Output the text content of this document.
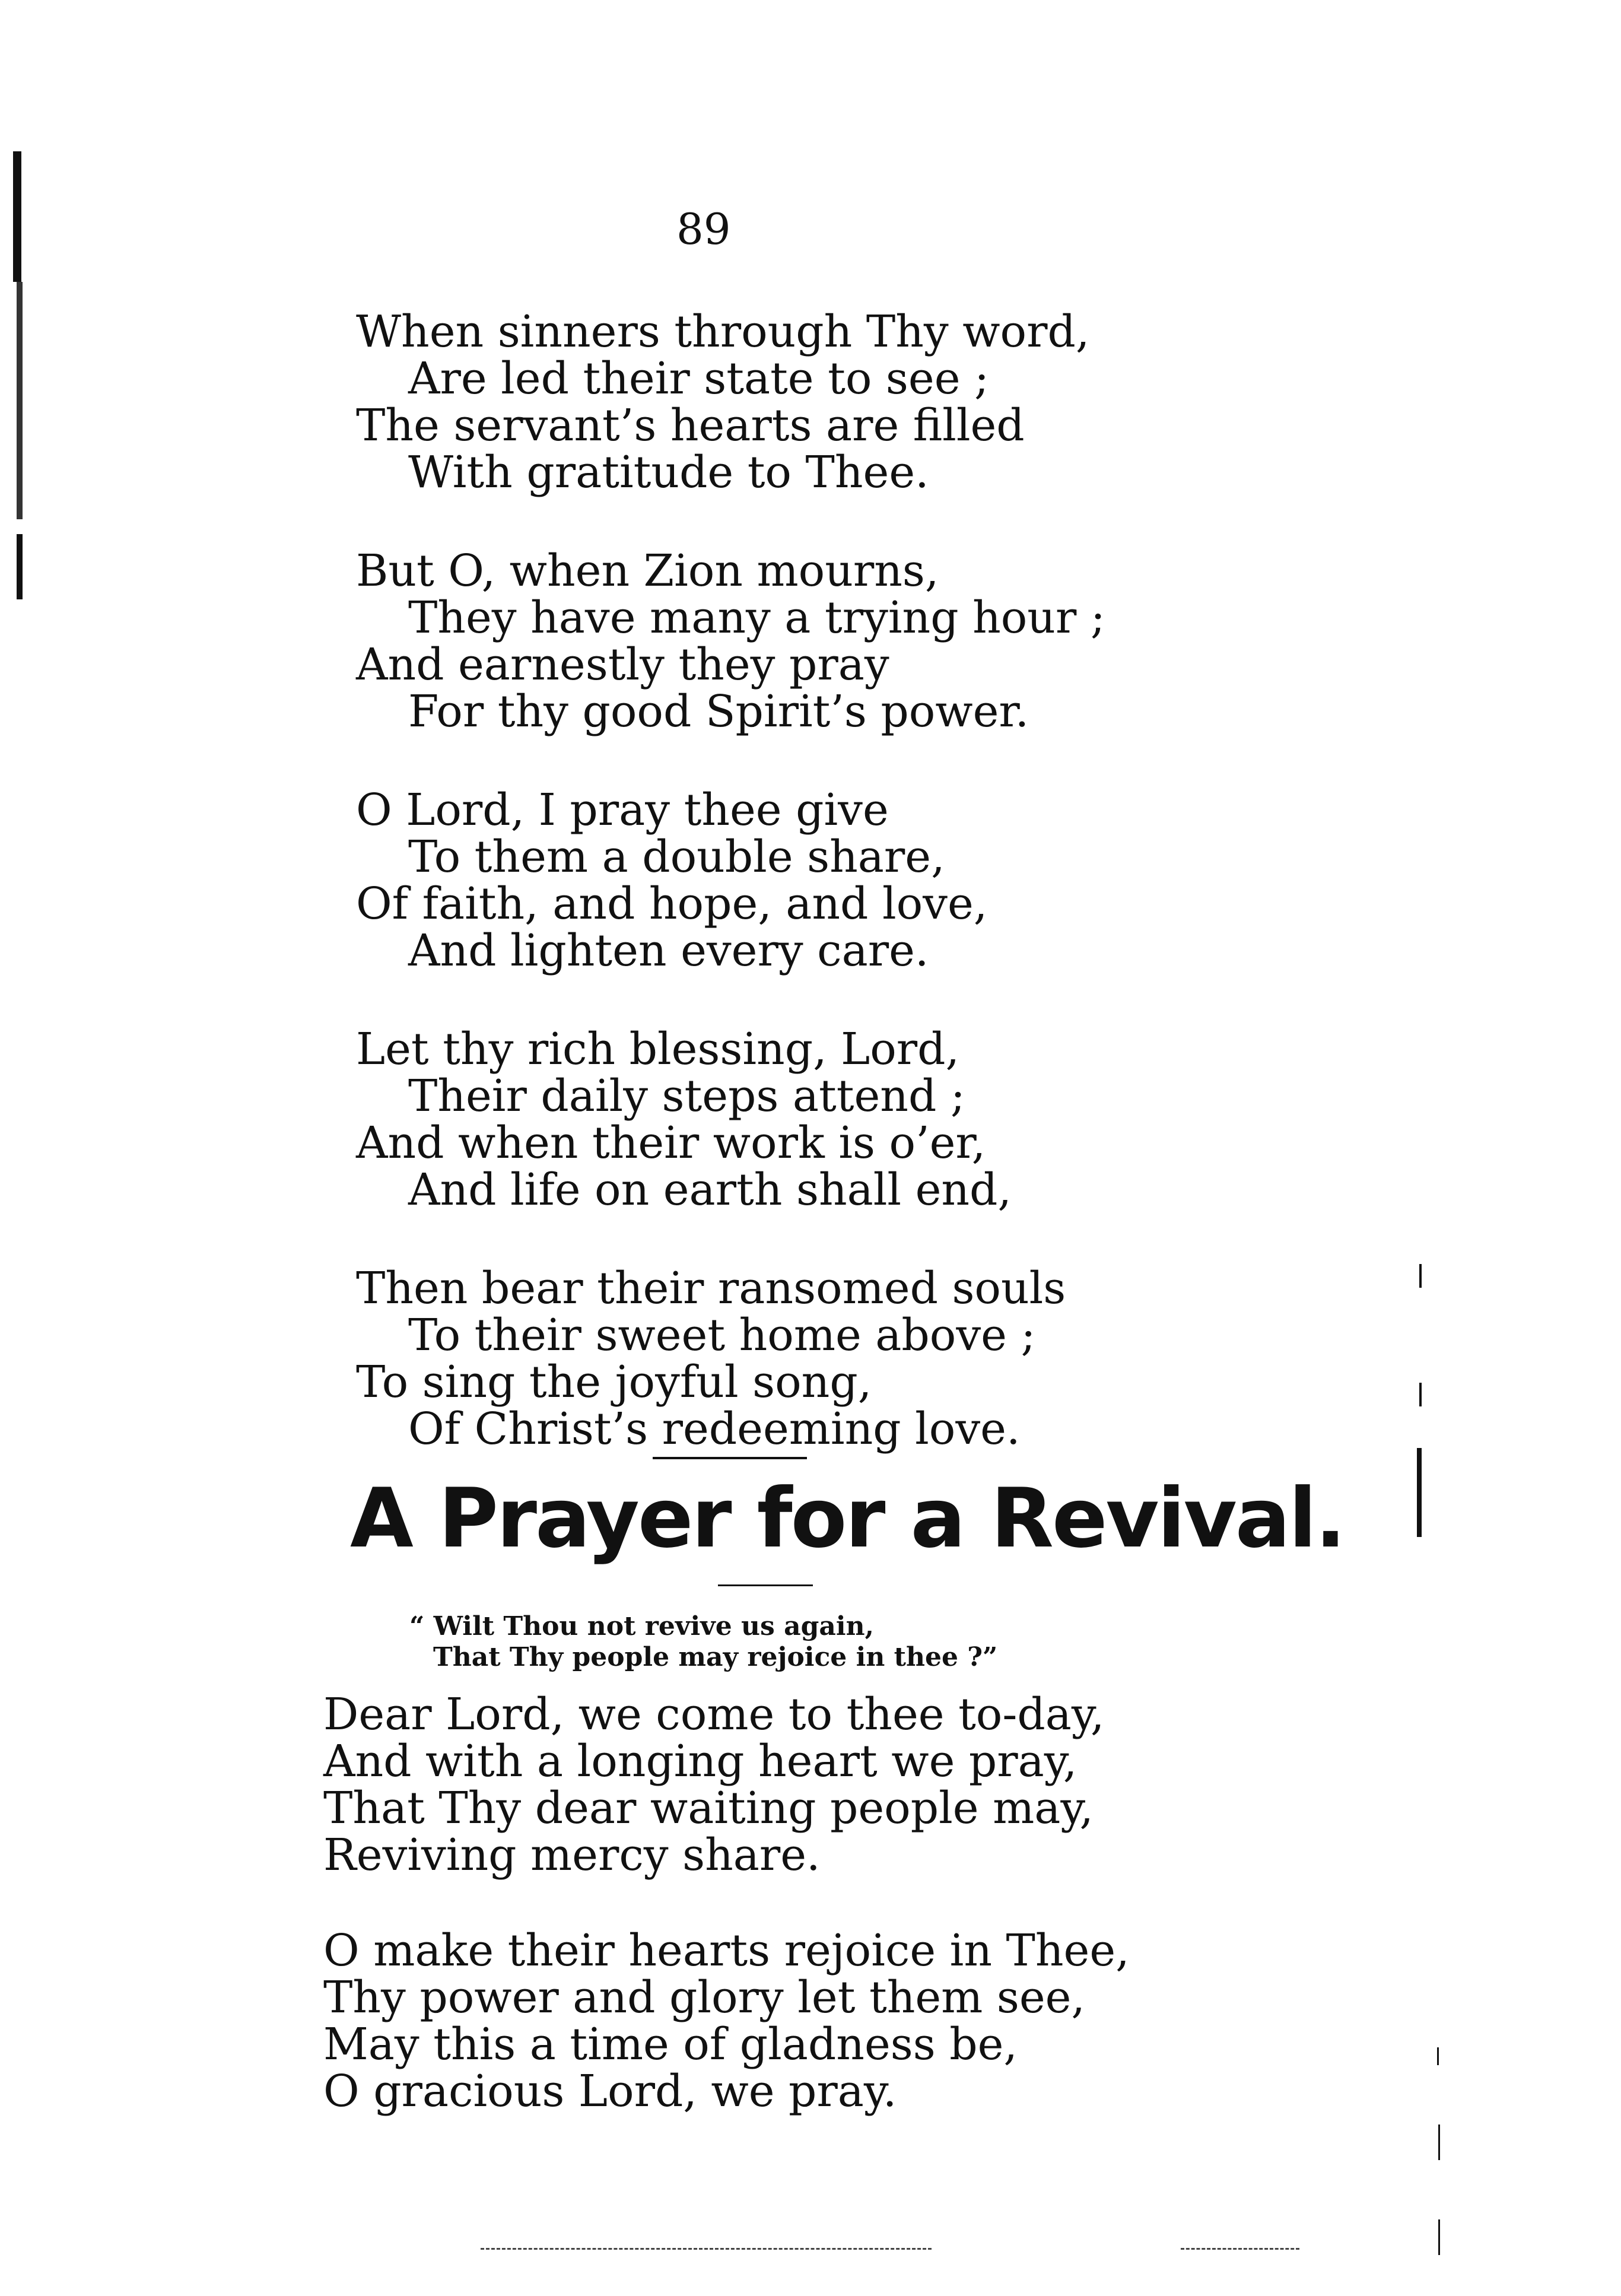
89
When sinners through Thy word,
Are led their state to see ;
The servant’s hearts are filled
With gratitude to Thee.
But O, when Zion mourns,
They have many a trying hour ;
And earnestly they pray
For thy good Spirit’s power.
O Lord, I pray thee give
To them a double share,
Of faith, and hope, and love,
And lighten every care.
Let thy rich blessing, Lord,
Their daily steps attend ;
And when their work is o’er,
And life on earth shall end,
Then bear their ransomed souls
To their sweet home above ;
To sing the joyful song,
Of Christ’s redeeming love.
A Prayer for a Revival.
“ Wilt Thou not revive us again,
That Thy people may rejoice in thee ?”
Dear Lord, we come to thee to-day,
And with a longing heart we pray,
That Thy dear waiting people may,
Reviving mercy share.
O make their hearts rejoice in Thee,
Thy power and glory let them see,
May this a time of gladness be,
O gracious Lord, we pray.
